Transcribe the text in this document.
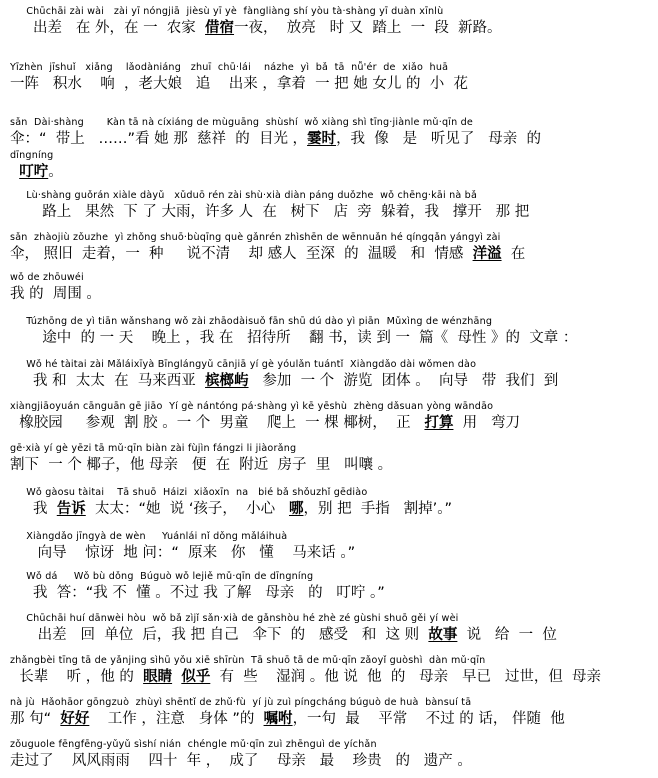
Chūchāi zài wài   zài yī nóngjiā  jièsù yī yè  fàngliàng shí yòu tà·shàng yī duàn xīnlù
出差   在 外，在 一  农家  借宿一夜，  放亮   时 又  踏上  一  段  新路。
Yīzhèn  jīshuǐ   xiǎng    lǎodàniáng   zhuī  chū·lái    názhe  yì  bǎ  tā  nǚ'ér  de  xiǎo  huā
一阵   积水    响  ，老大娘   追    出来 ，拿着  一 把 她 女儿 的  小  花
sǎn  Dài·shàng       Kàn tā nà cíxiáng de mùguāng  shùshí  wǒ xiàng shì tīng·jiànle mǔ·qīn de
伞：“  带上   ……”看 她 那  慈祥  的  目光 ，霎时，我  像   是   听见了   母亲  的
dīngníng
叮咛。
Lù·shàng guǒrán xiàle dàyǔ   xǔduō rén zài shù·xià diàn páng duǒzhe  wǒ chēng·kāi nà bǎ
路上   果然  下 了 大雨，许多 人  在   树下   店  旁  躲着，我   撑开   那 把
sǎn  zhàojiù zǒuzhe  yì zhǒng shuō·bùqīng què gǎnrén zhìshēn de wēnnuǎn hé qíngqǎn yángyì zài
伞， 照旧  走着，一  种     说不清    却 感人  至深  的  温暖   和  情感  洋溢  在
wǒ de zhōuwéi
我 的  周围 。
Túzhōng de yì tiān wǎnshang wǒ zài zhāodàisuǒ fān shū dú dào yì piān  Mǔxìng de wénzhāng
途中  的 一 天    晚上 ，我 在   招待所    翻 书，读 到 一  篇《  母性 》的  文章 ：
Wǒ hé tàitai zài Mǎláixīyà Bīnglángyǔ cānjiā yí gè yóulǎn tuántǐ  Xiàngdǎo dài wǒmen dào
我 和  太太  在  马来西亚  槟榔屿   参加  一 个  游览  团体 。  向导   带  我们  到
xiàngjiāoyuán cānguān gē jiāo  Yí gè nántóng pá·shàng yì kē yēshù  zhèng dǎsuan yòng wāndāo
橡胶园     参观  割 胶 。一 个  男童    爬上  一 棵 椰树，  正   打算  用   弯刀
gē·xià yí gè yēzi tā mǔ·qīn biàn zài fùjìn fángzi li jiàorǎng
割下  一 个 椰子，他 母亲   便  在  附近  房子  里   叫嚷 。
Wǒ gàosu tàitai    Tā shuō  Háizi  xiǎoxīn  na   bié bǎ shǒuzhǐ gēdiào
我  告诉  太太：“她  说 ‘孩子，  小心   哪，别 把  手指   割掉’。”
Xiàngdǎo jīngyà de wèn     Yuánlái nǐ dǒng mǎláihuà
向导    惊讶  地 问：“  原来   你   懂    马来话 。”
Wǒ dá     Wǒ bù dǒng  Búguò wǒ lejiě mǔ·qīn de dīngníng
我  答：“我 不  懂 。不过 我 了解   母亲   的   叮咛 。”
Chūchāi huí dānwèi hòu  wǒ bǎ zìjǐ sǎn·xià de gǎnshòu hé zhè zé gùshi shuō gěi yí wèi
出差   回  单位  后，我 把 自己   伞下  的   感受   和  这 则  故事  说   给  一  位
zhǎngbèi tīng tā de yǎnjing sìhū yǒu xiē shīrùn  Tā shuō tā de mǔ·qīn zǎoyǐ guòshì  dàn mǔ·qīn
长辈    听 ，他 的  眼睛 似乎  有  些    湿润 。他 说  他  的   母亲   早已   过世，但  母亲
nà jù  Hǎohāor gōngzuò  zhùyì shēntǐ de zhǔ·fù  yí jù zuì píngcháng búguò de huà  bànsuí tā
那 句“  好好    工作 ，注意   身体 ”的  嘱咐，一句  最    平常    不过 的 话， 伴随  他
zǒuguole fēngfēng-yǔyǔ sìshí nián  chéngle mǔ·qīn zuì zhēnguì de yíchǎn
走过了    风风雨雨    四十  年 ，  成了    母亲   最    珍贵   的   遗产 。
